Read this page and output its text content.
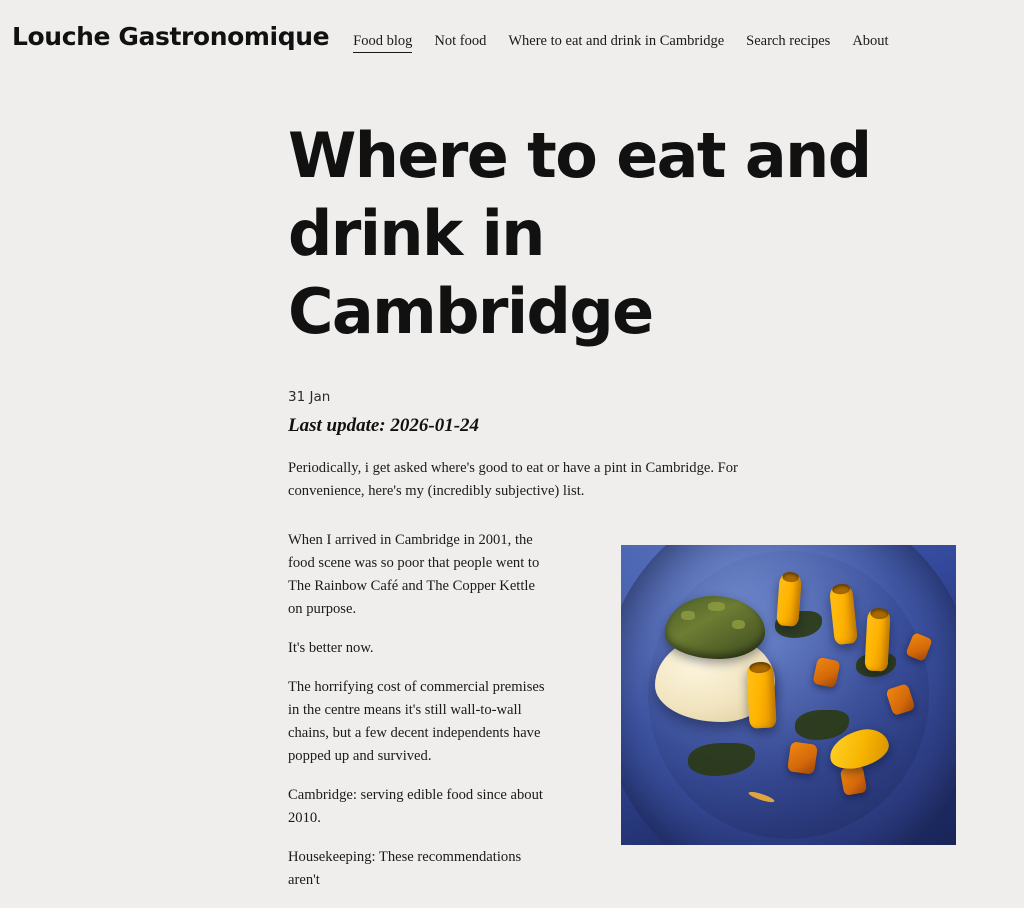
Louche Gastronomique Food blog Not food Where to eat and drink in Cambridge Search recipes About
Where to eat and drink in Cambridge
31 Jan
Last update: 2026-01-24

Periodically, i get asked where's good to eat or have a pint in Cambridge. For convenience, here's my (incredibly subjective) list.

When I arrived in Cambridge in 2001, the food scene was so poor that people went to The Rainbow Café and The Copper Kettle on purpose.

It's better now.

The horrifying cost of commercial premises in the centre means it's still wall-to-wall chains, but a few decent independents have popped up and survived.

Cambridge: serving edible food since about 2010.

Housekeeping: These recommendations aren't
